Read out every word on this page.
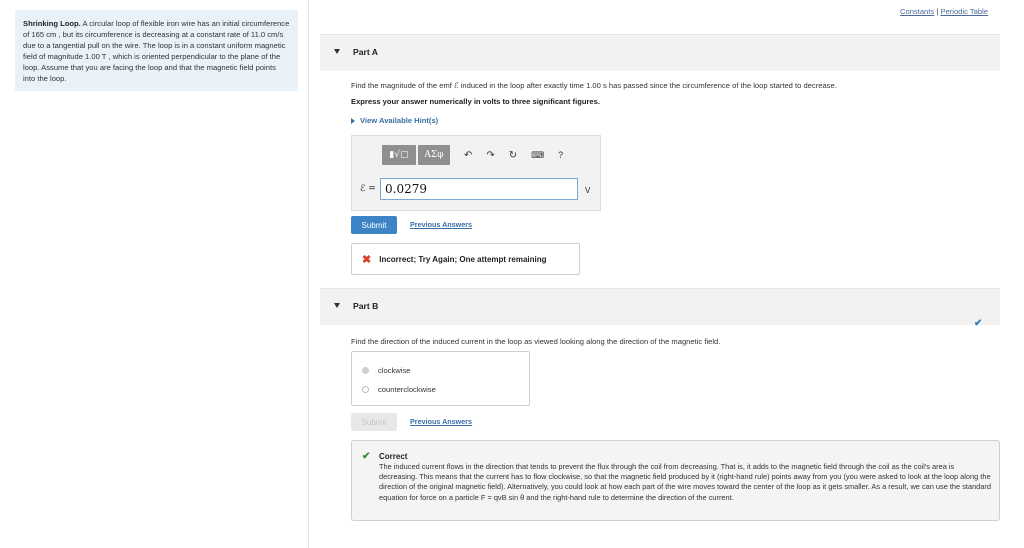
Shrinking Loop. A circular loop of flexible iron wire has an initial circumference of 165 cm , but its circumference is decreasing at a constant rate of 11.0 cm/s due to a tangential pull on the wire. The loop is in a constant uniform magnetic field of magnitude 1.00 T , which is oriented perpendicular to the plane of the loop. Assume that you are facing the loop and that the magnetic field points into the loop.
Constants | Periodic Table
Part A
Find the magnitude of the emf ℰ induced in the loop after exactly time 1.00 s has passed since the circumference of the loop started to decrease.
Express your answer numerically in volts to three significant figures.
View Available Hint(s)
▮√▢	ΑΣφ	↶ ↷ ↻ ⌨ ?
ℰ = 0.0279	V
Submit	Previous Answers
✖ Incorrect; Try Again; One attempt remaining
Part B
✔
Find the direction of the induced current in the loop as viewed looking along the direction of the magnetic field.
clockwise
counterclockwise
Submit	Previous Answers
✔ Correct
The induced current flows in the direction that tends to prevent the flux through the coil from decreasing. That is, it adds to the magnetic field through the coil as the coil's area is decreasing. This means that the current has to flow clockwise, so that the magnetic field produced by it (right-hand rule) points away from you (you were asked to look at the loop along the direction of the original magnetic field). Alternatively, you could look at how each part of the wire moves toward the center of the loop as it gets smaller. As a result, we can use the standard equation for force on a particle F = qvB sin θ and the right-hand rule to determine the direction of the current.
